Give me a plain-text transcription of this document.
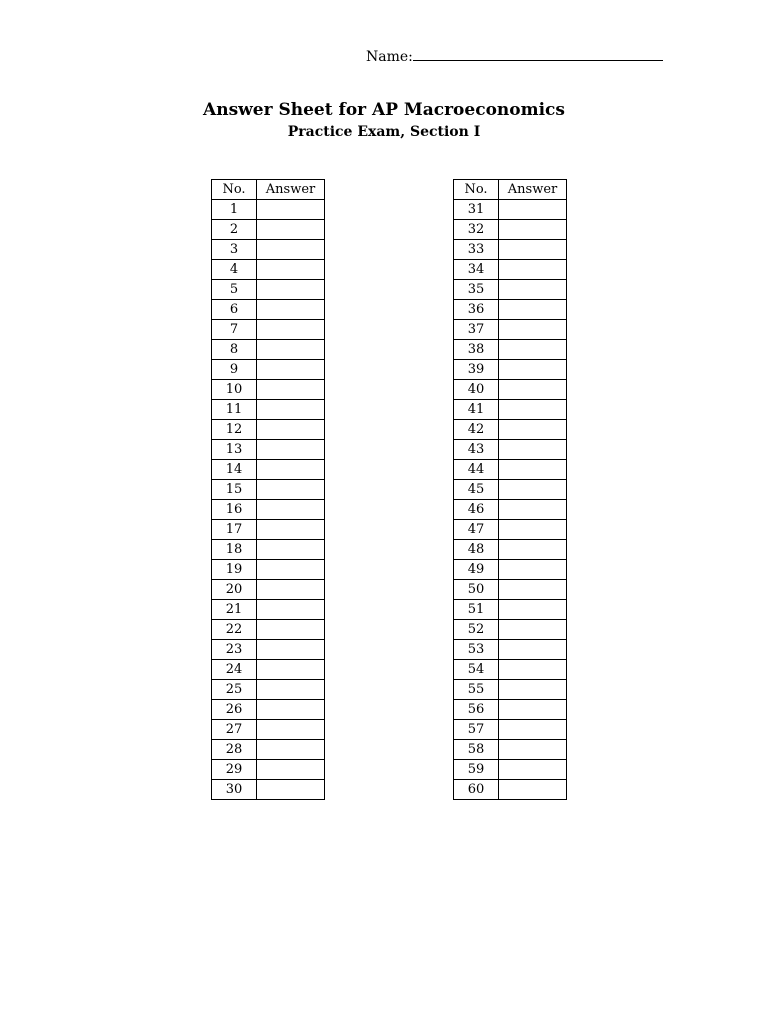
Name:
Answer Sheet for AP Macroeconomics
Practice Exam, Section I
No.	Answer
1	
2	
3	
4	
5	
6	
7	
8	
9	
10	
11	
12	
13	
14	
15	
16	
17	
18	
19	
20	
21	
22	
23	
24	
25	
26	
27	
28	
29	
30	
No.	Answer
31	
32	
33	
34	
35	
36	
37	
38	
39	
40	
41	
42	
43	
44	
45	
46	
47	
48	
49	
50	
51	
52	
53	
54	
55	
56	
57	
58	
59	
60	
